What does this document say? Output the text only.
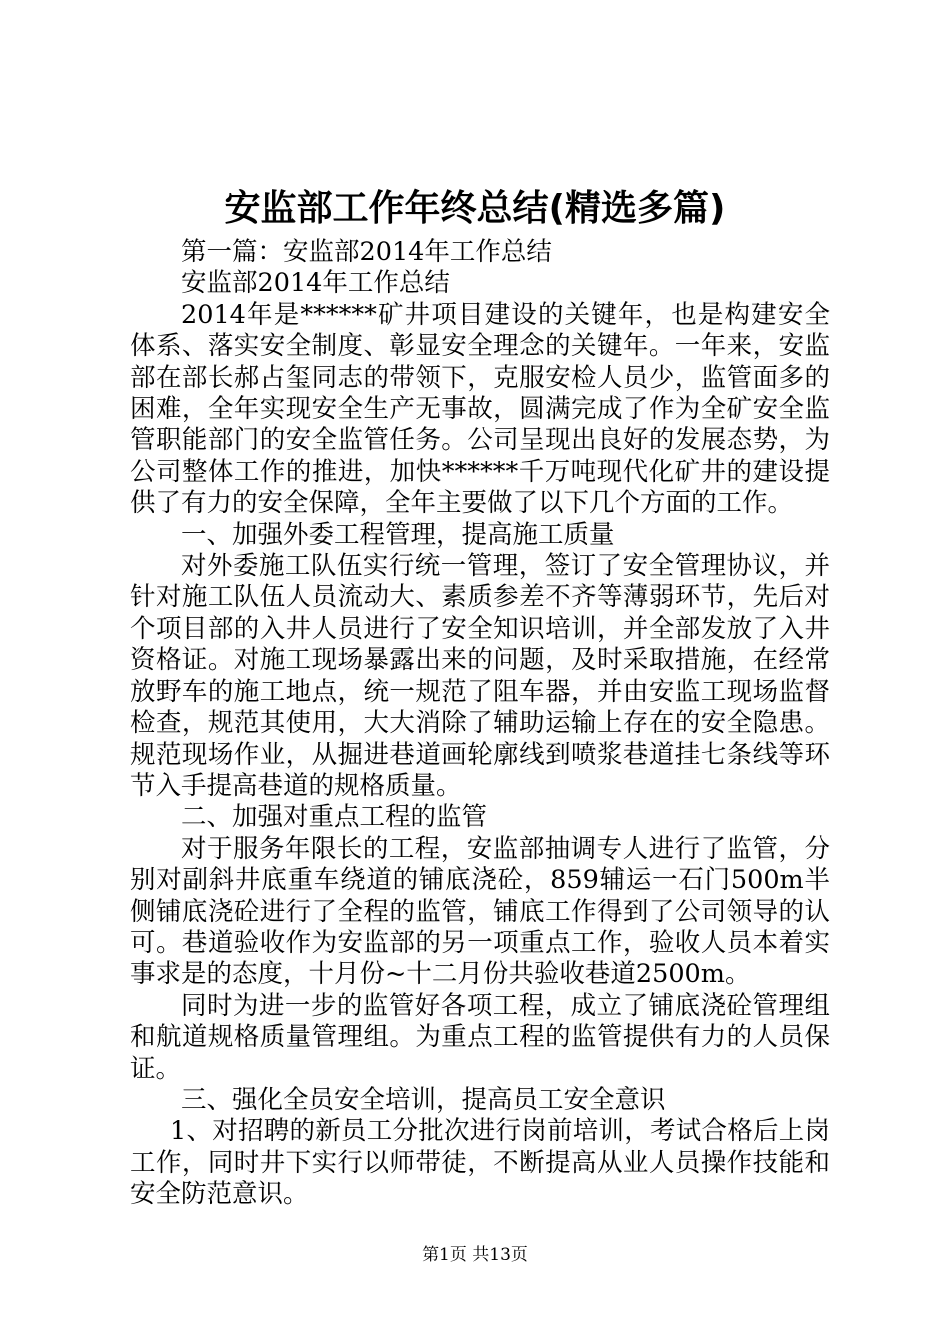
安监部工作年终总结(精选多篇)

第一篇：安监部2014年工作总结

安监部2014年工作总结

2014年是******矿井项目建设的关键年，也是构建安全体系、落实安全制度、彰显安全理念的关键年。一年来，安监部在部长郝占玺同志的带领下，克服安检人员少，监管面多的困难，全年实现安全生产无事故，圆满完成了作为全矿安全监管职能部门的安全监管任务。公司呈现出良好的发展态势，为公司整体工作的推进，加快******千万吨现代化矿井的建设提供了有力的安全保障，全年主要做了以下几个方面的工作。

一、加强外委工程管理，提高施工质量

对外委施工队伍实行统一管理，签订了安全管理协议，并针对施工队伍人员流动大、素质参差不齐等薄弱环节，先后对个项目部的入井人员进行了安全知识培训，并全部发放了入井资格证。对施工现场暴露出来的问题，及时采取措施，在经常放野车的施工地点，统一规范了阻车器，并由安监工现场监督检查，规范其使用，大大消除了辅助运输上存在的安全隐患。规范现场作业，从掘进巷道画轮廓线到喷浆巷道挂七条线等环节入手提高巷道的规格质量。

二、加强对重点工程的监管

对于服务年限长的工程，安监部抽调专人进行了监管，分别对副斜井底重车绕道的铺底浇砼，859辅运一石门500m半侧铺底浇砼进行了全程的监管，铺底工作得到了公司领导的认可。巷道验收作为安监部的另一项重点工作，验收人员本着实事求是的态度，十月份~十二月份共验收巷道2500m。

同时为进一步的监管好各项工程，成立了铺底浇砼管理组和航道规格质量管理组。为重点工程的监管提供有力的人员保证。

三、强化全员安全培训，提高员工安全意识

1、对招聘的新员工分批次进行岗前培训，考试合格后上岗工作，同时井下实行以师带徒，不断提高从业人员操作技能和安全防范意识。

第1页 共13页
